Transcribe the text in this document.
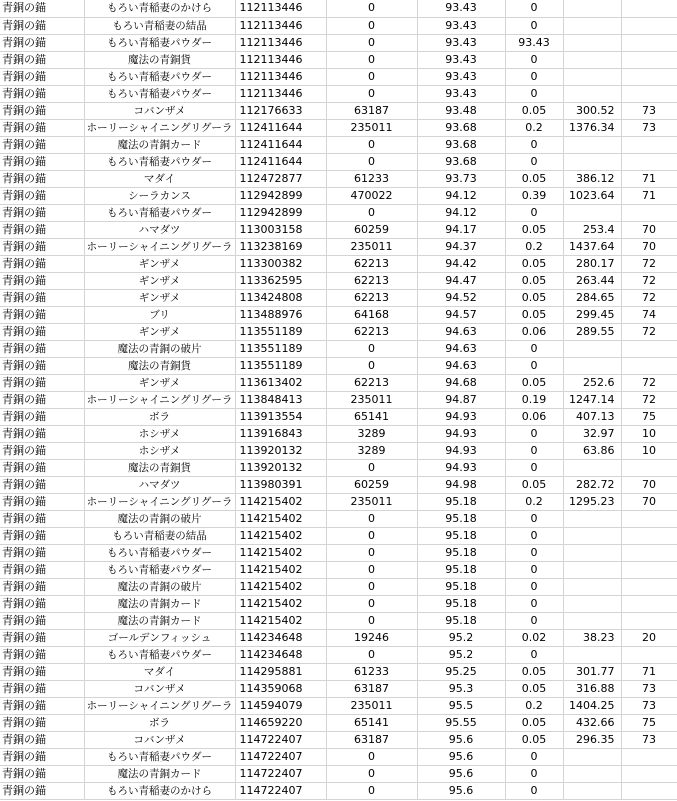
青銅の錨	もろい青稲妻のかけら	112113446	0	93.43	0		
青銅の錨	もろい青稲妻の結晶	112113446	0	93.43	0		
青銅の錨	もろい青稲妻パウダー	112113446	0	93.43	93.43		
青銅の錨	魔法の青銅貨	112113446	0	93.43	0		
青銅の錨	もろい青稲妻パウダー	112113446	0	93.43	0		
青銅の錨	もろい青稲妻パウダー	112113446	0	93.43	0		
青銅の錨	コバンザメ	112176633	63187	93.48	0.05	300.52	73
青銅の錨	ホーリーシャイニングリグーラ	112411644	235011	93.68	0.2	1376.34	73
青銅の錨	魔法の青銅カード	112411644	0	93.68	0		
青銅の錨	もろい青稲妻パウダー	112411644	0	93.68	0		
青銅の錨	マダイ	112472877	61233	93.73	0.05	386.12	71
青銅の錨	シーラカンス	112942899	470022	94.12	0.39	1023.64	71
青銅の錨	もろい青稲妻パウダー	112942899	0	94.12	0		
青銅の錨	ハマダツ	113003158	60259	94.17	0.05	253.4	70
青銅の錨	ホーリーシャイニングリグーラ	113238169	235011	94.37	0.2	1437.64	70
青銅の錨	ギンザメ	113300382	62213	94.42	0.05	280.17	72
青銅の錨	ギンザメ	113362595	62213	94.47	0.05	263.44	72
青銅の錨	ギンザメ	113424808	62213	94.52	0.05	284.65	72
青銅の錨	ブリ	113488976	64168	94.57	0.05	299.45	74
青銅の錨	ギンザメ	113551189	62213	94.63	0.06	289.55	72
青銅の錨	魔法の青銅の破片	113551189	0	94.63	0		
青銅の錨	魔法の青銅貨	113551189	0	94.63	0		
青銅の錨	ギンザメ	113613402	62213	94.68	0.05	252.6	72
青銅の錨	ホーリーシャイニングリグーラ	113848413	235011	94.87	0.19	1247.14	72
青銅の錨	ボラ	113913554	65141	94.93	0.06	407.13	75
青銅の錨	ホシザメ	113916843	3289	94.93	0	32.97	10
青銅の錨	ホシザメ	113920132	3289	94.93	0	63.86	10
青銅の錨	魔法の青銅貨	113920132	0	94.93	0		
青銅の錨	ハマダツ	113980391	60259	94.98	0.05	282.72	70
青銅の錨	ホーリーシャイニングリグーラ	114215402	235011	95.18	0.2	1295.23	70
青銅の錨	魔法の青銅の破片	114215402	0	95.18	0		
青銅の錨	もろい青稲妻の結晶	114215402	0	95.18	0		
青銅の錨	もろい青稲妻パウダー	114215402	0	95.18	0		
青銅の錨	もろい青稲妻パウダー	114215402	0	95.18	0		
青銅の錨	魔法の青銅の破片	114215402	0	95.18	0		
青銅の錨	魔法の青銅カード	114215402	0	95.18	0		
青銅の錨	魔法の青銅カード	114215402	0	95.18	0		
青銅の錨	ゴールデンフィッシュ	114234648	19246	95.2	0.02	38.23	20
青銅の錨	もろい青稲妻パウダー	114234648	0	95.2	0		
青銅の錨	マダイ	114295881	61233	95.25	0.05	301.77	71
青銅の錨	コバンザメ	114359068	63187	95.3	0.05	316.88	73
青銅の錨	ホーリーシャイニングリグーラ	114594079	235011	95.5	0.2	1404.25	73
青銅の錨	ボラ	114659220	65141	95.55	0.05	432.66	75
青銅の錨	コバンザメ	114722407	63187	95.6	0.05	296.35	73
青銅の錨	もろい青稲妻パウダー	114722407	0	95.6	0		
青銅の錨	魔法の青銅カード	114722407	0	95.6	0		
青銅の錨	もろい青稲妻のかけら	114722407	0	95.6	0		
